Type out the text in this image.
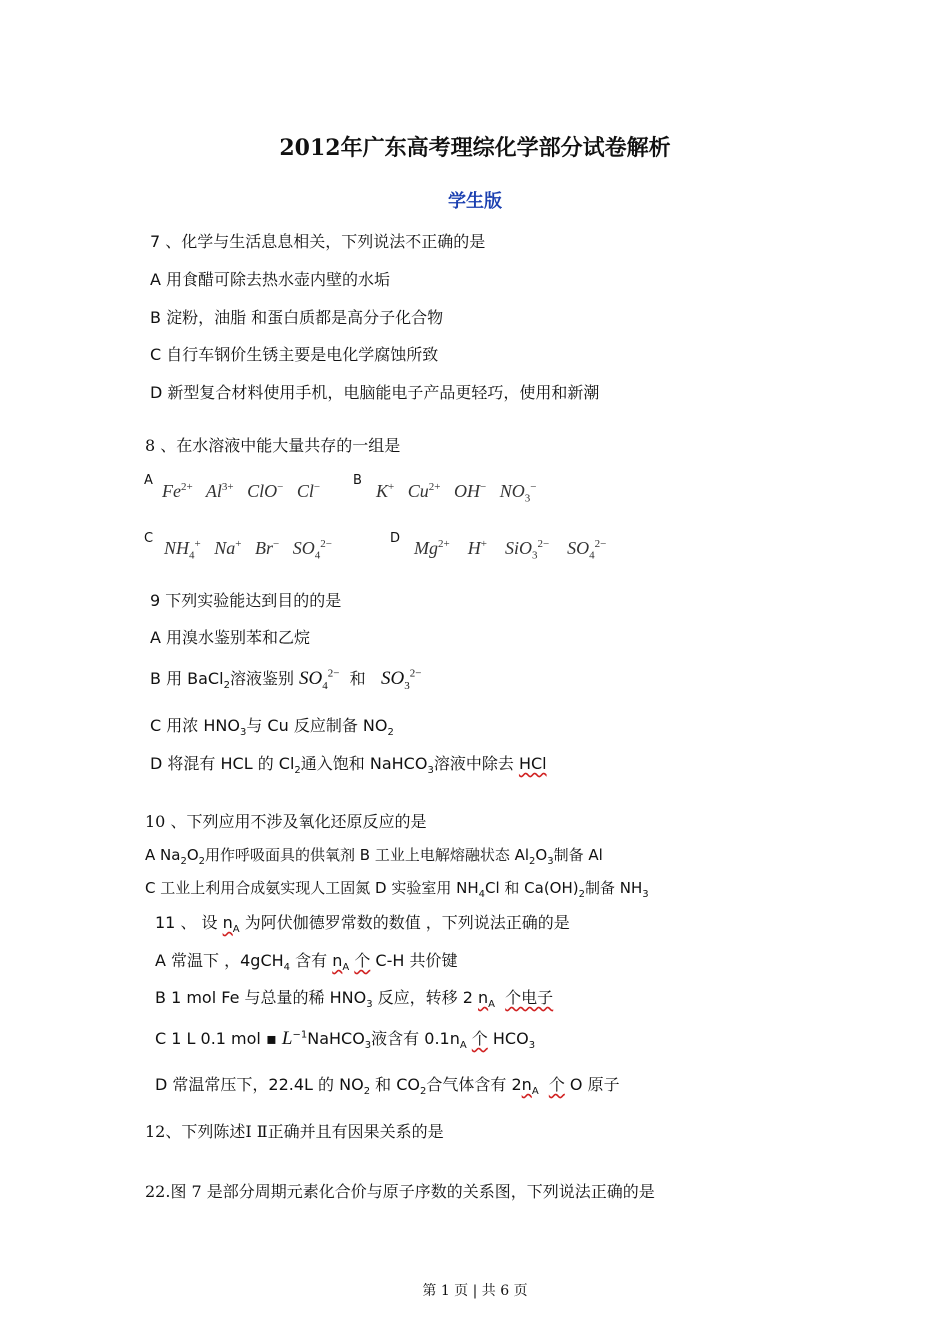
2012年广东高考理综化学部分试卷解析
学生版
7 、化学与生活息息相关，下列说法不正确的是
A 用食醋可除去热水壶内壁的水垢
B 淀粉，油脂 和蛋白质都是高分子化合物
C 自行车钢价生锈主要是电化学腐蚀所致
D 新型复合材料使用手机，电脑能电子产品更轻巧，使用和新潮
8 、在水溶液中能大量共存的一组是
A
$Fe^{2+}$ $Al^{3+}$ ClO− Cl−	B
K+ $Cu^{2+}$ OH− $NO_3^-$
C $NH_4^+$ Na+ Br− $SO_4^{2-}$	D $Mg^{2+}$ H+ SiO$_3^{2-}$ $SO_4^{2-}$
9 下列实验能达到目的的是
A 用溴水鉴别苯和乙烷
B 用 BaCl$_2$溶液鉴别 $SO_4^{2-}$ 和 $SO_3^{2-}$
C 用浓 $HNO_3$与 Cu 反应制备 $NO_2$
D 将混有 HCL 的 $Cl_2$通入饱和 NaHCO$_3$溶液中除去 HCl
10 、下列应用不涉及氧化还原反应的是
A $Na_2O_2$用作呼吸面具的供氧剂 B 工业上电解熔融状态 $Al_2O_3$制备 Al
C 工业上利用合成氨实现人工固氮 D 实验室用 $NH_4Cl$ 和 $Ca(OH)_2$制备 $NH_3$
11 、 设 $n_A$ 为阿伏伽德罗常数的数值 ，下列说法正确的是
A 常温下 ，4gCH$_4$ 含有 $n_A$ 个 C-H 共价键
B 1 mol Fe 与总量的稀 $HNO_3$ 反应，转移 2 $n_A$ 个电子
C 1 L 0.1 mol ▪ $L^{-1}NaHCO_3$液含有 $0.1n_A$ 个 $HCO_3$
D 常温常压下，22.4L 的 $NO_2$ 和 $CO_2$合气体含有 $2n_A$ 个 O 原子
12、下列陈述Ⅰ Ⅱ正确并且有因果关系的是
22.图 7 是部分周期元素化合价与原子序数的关系图，下列说法正确的是
第 1 页 | 共 6 页
